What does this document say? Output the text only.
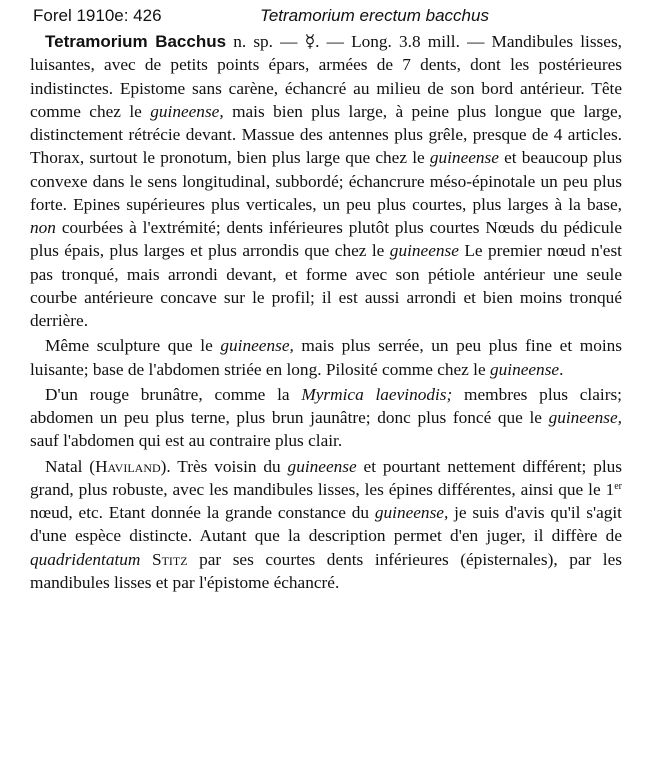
Forel 1910e: 426	Tetramorium erectum bacchus

Tetramorium Bacchus n. sp. — ☿. — Long. 3.8 mill. — Mandibules lisses, luisantes, avec de petits points épars, armées de 7 dents, dont les postérieures indistinctes. Epistome sans carène, échancré au milieu de son bord antérieur. Tête comme chez le guineense, mais bien plus large, à peine plus longue que large, distinctement rétrécie devant. Massue des antennes plus grêle, presque de 4 articles. Thorax, surtout le pronotum, bien plus large que chez le guineense et beaucoup plus convexe dans le sens longitudinal, subbordé; échancrure méso-épinotale un peu plus forte. Epines supérieures plus verticales, un peu plus courtes, plus larges à la base, non courbées à l'extrémité; dents inférieures plutôt plus courtes Nœuds du pédicule plus épais, plus larges et plus arrondis que chez le guineense Le premier nœud n'est pas tronqué, mais arrondi devant, et forme avec son pétiole antérieur une seule courbe antérieure concave sur le profil; il est aussi arrondi et bien moins tronqué derrière.

Même sculpture que le guineense, mais plus serrée, un peu plus fine et moins luisante; base de l'abdomen striée en long. Pilosité comme chez le guineense.

D'un rouge brunâtre, comme la Myrmica laevinodis; membres plus clairs; abdomen un peu plus terne, plus brun jaunâtre; donc plus foncé que le guineense, sauf l'abdomen qui est au contraire plus clair.

Natal (Haviland). Très voisin du guineense et pourtant nettement différent; plus grand, plus robuste, avec les mandibules lisses, les épines différentes, ainsi que le 1er nœud, etc. Etant donnée la grande constance du guineense, je suis d'avis qu'il s'agit d'une espèce distincte. Autant que la description permet d'en juger, il diffère de quadridentatum Stitz par ses courtes dents inférieures (épisternales), par les mandibules lisses et par l'épistome échancré.
